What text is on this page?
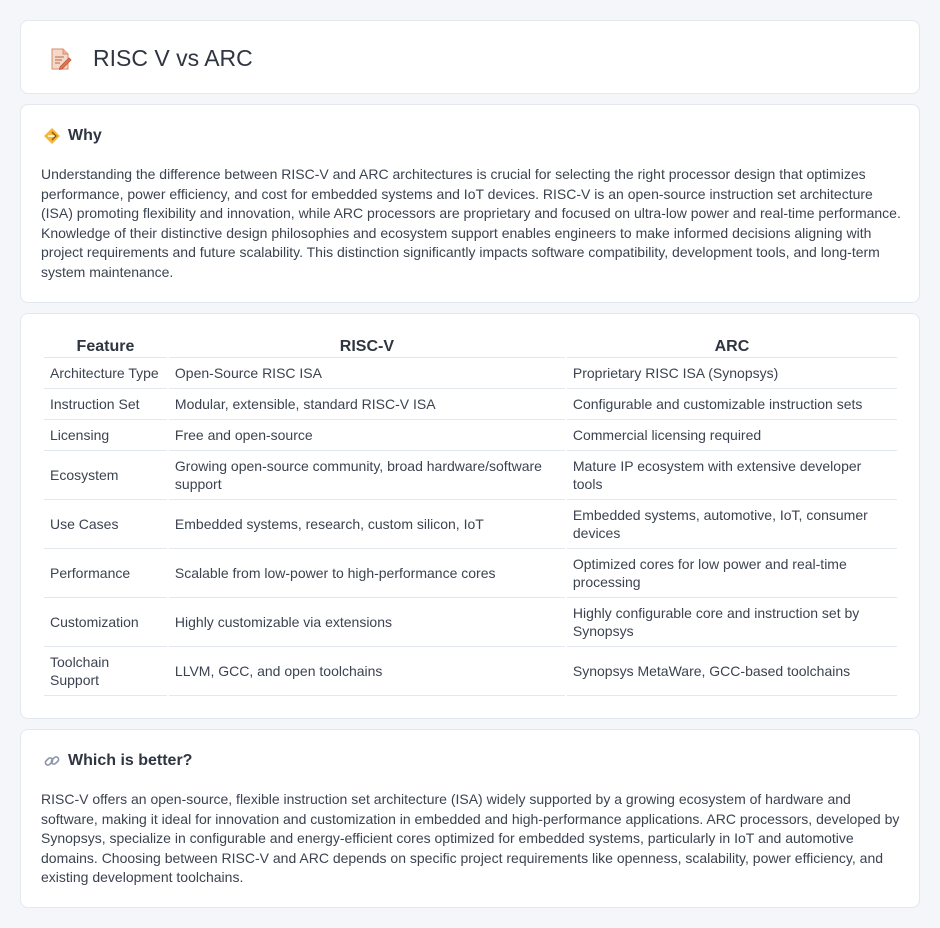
RISC V vs ARC
Why

Understanding the difference between RISC-V and ARC architectures is crucial for selecting the right processor design that optimizes performance, power efficiency, and cost for embedded systems and IoT devices. RISC-V is an open-source instruction set architecture (ISA) promoting flexibility and innovation, while ARC processors are proprietary and focused on ultra-low power and real-time performance. Knowledge of their distinctive design philosophies and ecosystem support enables engineers to make informed decisions aligning with project requirements and future scalability. This distinction significantly impacts software compatibility, development tools, and long-term system maintenance.

Feature	RISC-V	ARC
Architecture Type	Open-Source RISC ISA	Proprietary RISC ISA (Synopsys)
Instruction Set	Modular, extensible, standard RISC-V ISA	Configurable and customizable instruction sets
Licensing	Free and open-source	Commercial licensing required
Ecosystem	Growing open-source community, broad hardware/software support	Mature IP ecosystem with extensive developer tools
Use Cases	Embedded systems, research, custom silicon, IoT	Embedded systems, automotive, IoT, consumer devices
Performance	Scalable from low-power to high-performance cores	Optimized cores for low power and real-time processing
Customization	Highly customizable via extensions	Highly configurable core and instruction set by Synopsys
Toolchain Support	LLVM, GCC, and open toolchains	Synopsys MetaWare, GCC-based toolchains
Which is better?

RISC-V offers an open-source, flexible instruction set architecture (ISA) widely supported by a growing ecosystem of hardware and software, making it ideal for innovation and customization in embedded and high-performance applications. ARC processors, developed by Synopsys, specialize in configurable and energy-efficient cores optimized for embedded systems, particularly in IoT and automotive domains. Choosing between RISC-V and ARC depends on specific project requirements like openness, scalability, power efficiency, and existing development toolchains.
